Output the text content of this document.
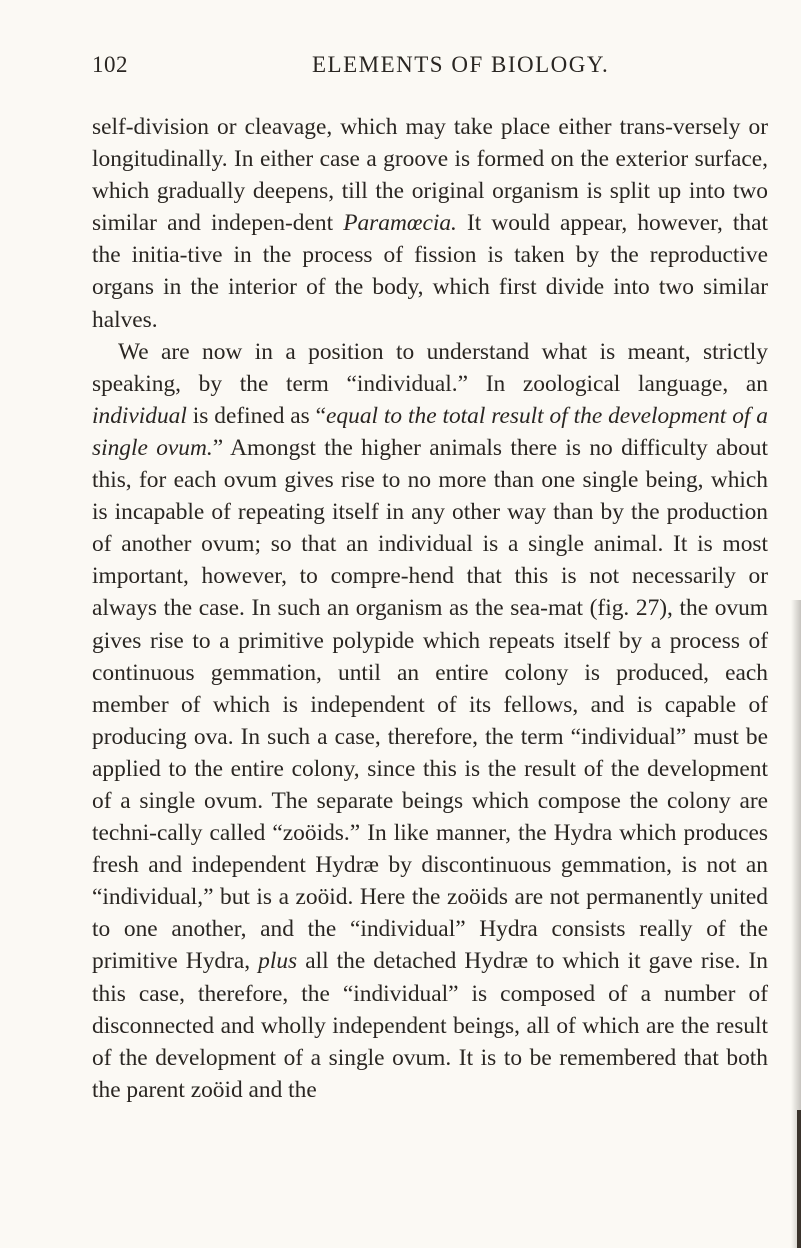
102	ELEMENTS OF BIOLOGY.

self-division or cleavage, which may take place either trans-versely or longitudinally. In either case a groove is formed on the exterior surface, which gradually deepens, till the original organism is split up into two similar and indepen-dent Paramœcia. It would appear, however, that the initia-tive in the process of fission is taken by the reproductive organs in the interior of the body, which first divide into two similar halves.

We are now in a position to understand what is meant, strictly speaking, by the term “individual.” In zoological language, an individual is defined as “equal to the total result of the development of a single ovum.” Amongst the higher animals there is no difficulty about this, for each ovum gives rise to no more than one single being, which is incapable of repeating itself in any other way than by the production of another ovum; so that an individual is a single animal. It is most important, however, to compre-hend that this is not necessarily or always the case. In such an organism as the sea-mat (fig. 27), the ovum gives rise to a primitive polypide which repeats itself by a process of continuous gemmation, until an entire colony is produced, each member of which is independent of its fellows, and is capable of producing ova. In such a case, therefore, the term “individual” must be applied to the entire colony, since this is the result of the development of a single ovum. The separate beings which compose the colony are techni-cally called “zoöids.” In like manner, the Hydra which produces fresh and independent Hydræ by discontinuous gemmation, is not an “individual,” but is a zoöid. Here the zoöids are not permanently united to one another, and the “individual” Hydra consists really of the primitive Hydra, plus all the detached Hydræ to which it gave rise. In this case, therefore, the “individual” is composed of a number of disconnected and wholly independent beings, all of which are the result of the development of a single ovum. It is to be remembered that both the parent zoöid and the
